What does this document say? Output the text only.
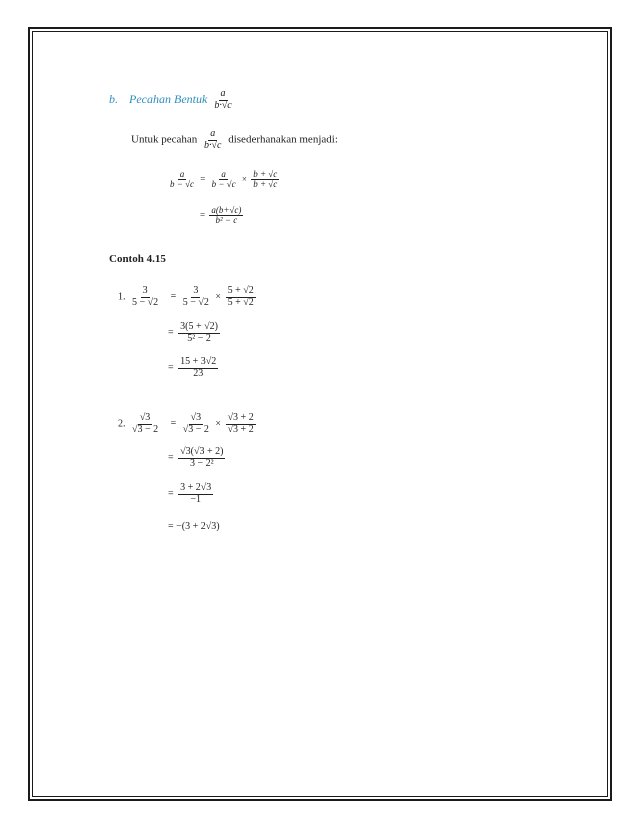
b. Pecahan Bentuk $\frac{a}{b\cdot√c}$
Untuk pecahan $\frac{a}{b\cdot√c}$ disederhanakan menjadi:
$\frac{a}{b - √c} = \frac{a}{b - √c} \times \frac{b + √c}{b + √c}$
= $\frac{a(b+√c)}{\text{b² − c}}$
Contoh 4.15
1. $\frac{3}{5 - √2} = \frac{3}{5 - √2} \times \frac{5 + √2}{5 + √2}$
= $\frac{3(5 + √2)}{\text{5² − 2}}$
= $\frac{15 + 3√2}{23}$
2. $\frac{√3}{√3 - 2} = \frac{√3}{√3 - 2} \times \frac{√3 + 2}{√3 + 2}$
= $\frac{√3(√3 + 2)}{\text{3 − 2²}}$
= $\frac{3 + 2√3}{-1}$
= −(3 + 2√3)
